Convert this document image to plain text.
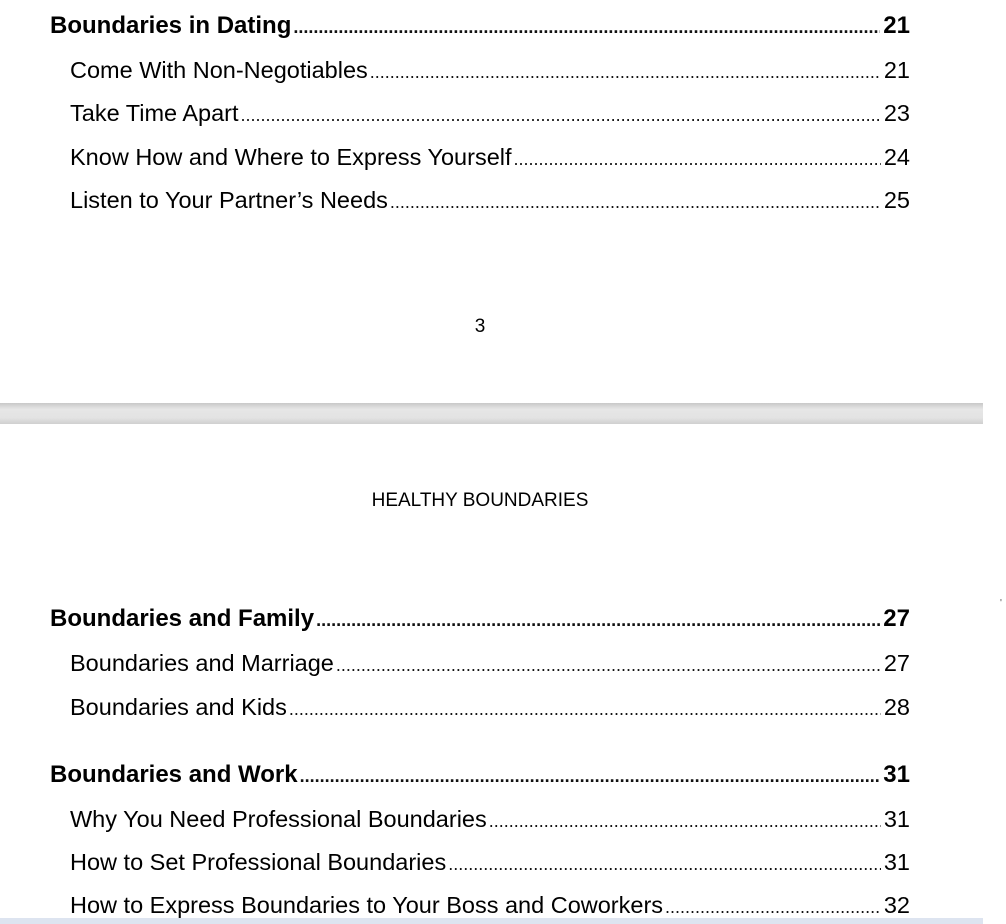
Boundaries in Dating .....	21
Come With Non-Negotiables .....	21
Take Time Apart .....	23
Know How and Where to Express Yourself .....	24
Listen to Your Partner’s Needs .....	25
3
HEALTHY BOUNDARIES
'
Boundaries and Family .....	27
Boundaries and Marriage .....	27
Boundaries and Kids .....	28
Boundaries and Work .....	31
Why You Need Professional Boundaries .....	31
How to Set Professional Boundaries .....	31
How to Express Boundaries to Your Boss and Coworkers .....	32
